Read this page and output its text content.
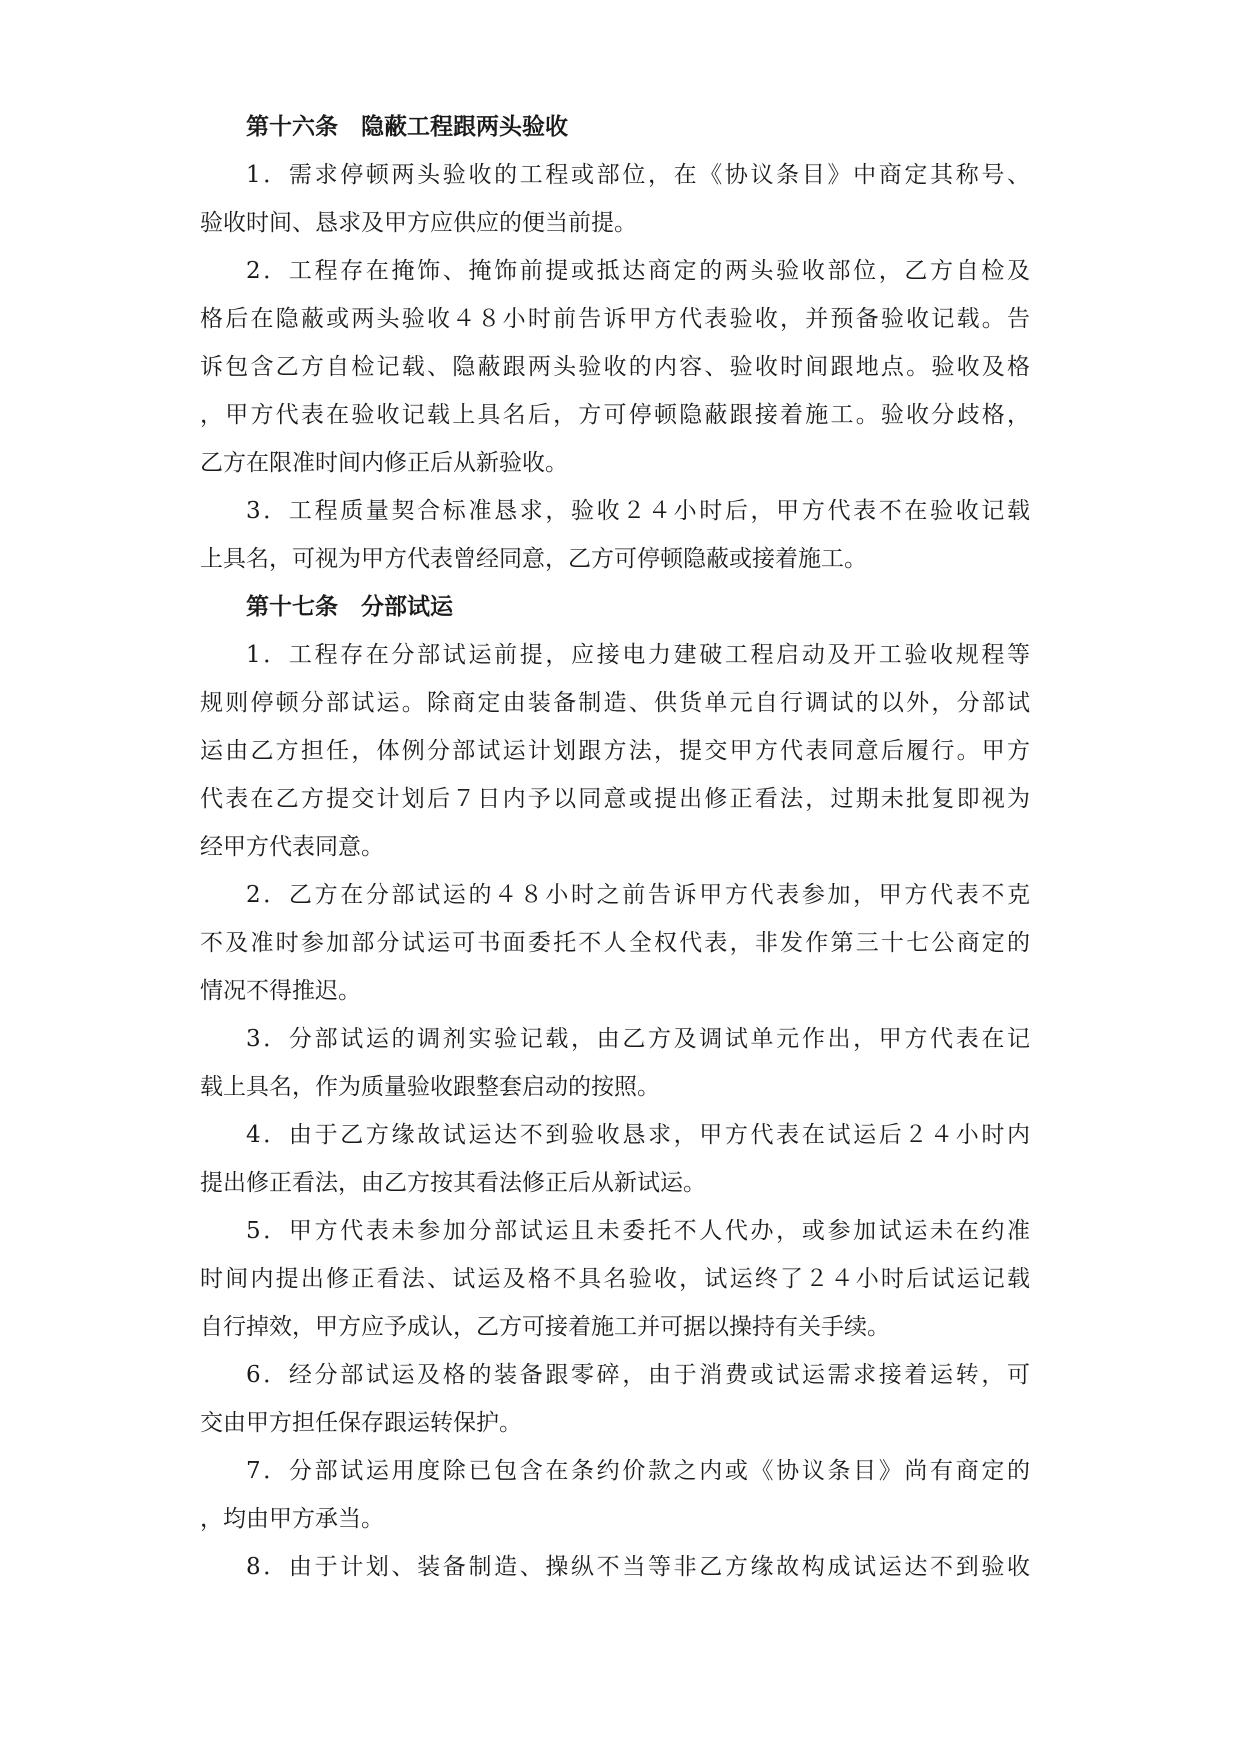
第十六条　隐蔽工程跟两头验收
1．需求停顿两头验收的工程或部位，在《协议条目》中商定其称号、
验收时间、恳求及甲方应供应的便当前提。
2．工程存在掩饰、掩饰前提或抵达商定的两头验收部位，乙方自检及
格后在隐蔽或两头验收４８小时前告诉甲方代表验收，并预备验收记载。告
诉包含乙方自检记载、隐蔽跟两头验收的内容、验收时间跟地点。验收及格
，甲方代表在验收记载上具名后，方可停顿隐蔽跟接着施工。验收分歧格，
乙方在限准时间内修正后从新验收。
3．工程质量契合标准恳求，验收２４小时后，甲方代表不在验收记载
上具名，可视为甲方代表曾经同意，乙方可停顿隐蔽或接着施工。
第十七条　分部试运
1．工程存在分部试运前提，应接电力建破工程启动及开工验收规程等
规则停顿分部试运。除商定由装备制造、供货单元自行调试的以外，分部试
运由乙方担任，体例分部试运计划跟方法，提交甲方代表同意后履行。甲方
代表在乙方提交计划后７日内予以同意或提出修正看法，过期未批复即视为
经甲方代表同意。
2．乙方在分部试运的４８小时之前告诉甲方代表参加，甲方代表不克
不及准时参加部分试运可书面委托不人全权代表，非发作第三十七公商定的
情况不得推迟。
3．分部试运的调剂实验记载，由乙方及调试单元作出，甲方代表在记
载上具名，作为质量验收跟整套启动的按照。
4．由于乙方缘故试运达不到验收恳求，甲方代表在试运后２４小时内
提出修正看法，由乙方按其看法修正后从新试运。
5．甲方代表未参加分部试运且未委托不人代办，或参加试运未在约准
时间内提出修正看法、试运及格不具名验收，试运终了２４小时后试运记载
自行掉效，甲方应予成认，乙方可接着施工并可据以操持有关手续。
6．经分部试运及格的装备跟零碎，由于消费或试运需求接着运转，可
交由甲方担任保存跟运转保护。
7．分部试运用度除已包含在条约价款之内或《协议条目》尚有商定的
，均由甲方承当。
8．由于计划、装备制造、操纵不当等非乙方缘故构成试运达不到验收
